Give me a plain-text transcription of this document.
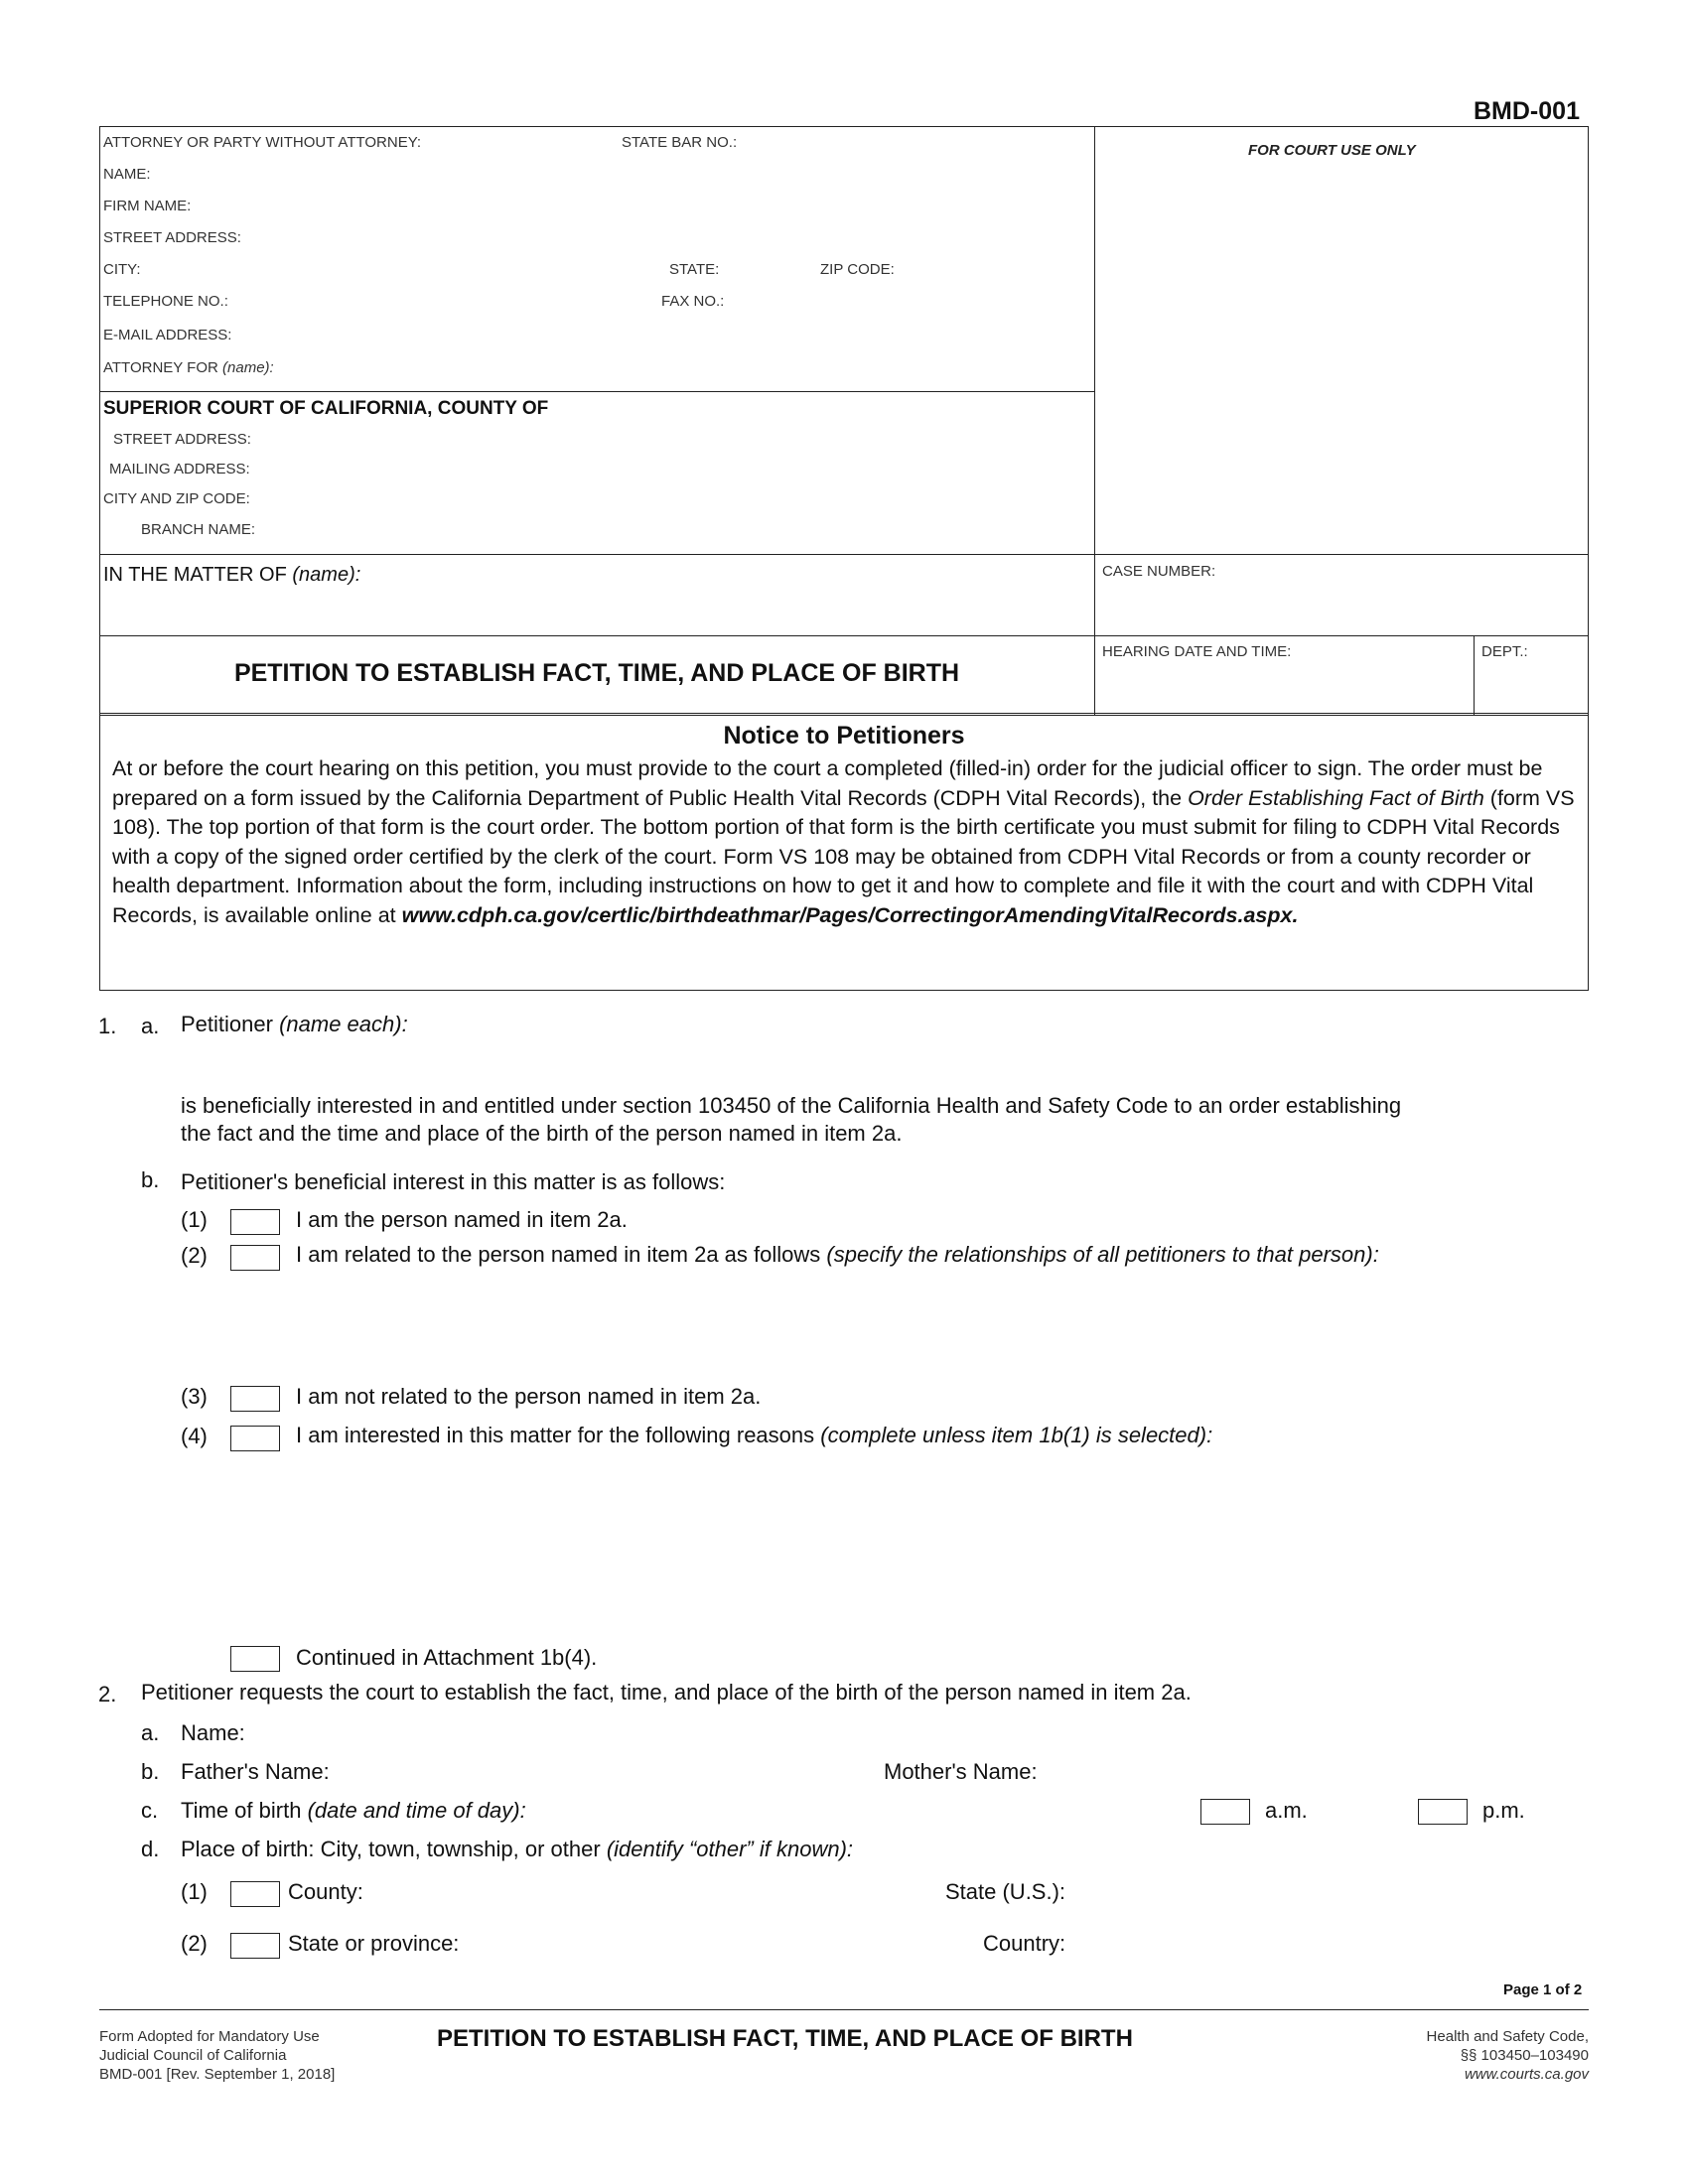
BMD-001
ATTORNEY OR PARTY WITHOUT ATTORNEY:	STATE BAR NO.:
NAME:
FIRM NAME:
STREET ADDRESS:
CITY:	STATE:	ZIP CODE:
TELEPHONE NO.:	FAX NO.:
E-MAIL ADDRESS:
ATTORNEY FOR (name):
FOR COURT USE ONLY
SUPERIOR COURT OF CALIFORNIA, COUNTY OF
STREET ADDRESS:
MAILING ADDRESS:
CITY AND ZIP CODE:
BRANCH NAME:
IN THE MATTER OF (name):	CASE NUMBER:
PETITION TO ESTABLISH FACT, TIME, AND PLACE OF BIRTH
HEARING DATE AND TIME:	DEPT.:
Notice to Petitioners
At or before the court hearing on this petition, you must provide to the court a completed (filled-in) order for the judicial officer to sign. The order must be prepared on a form issued by the California Department of Public Health Vital Records (CDPH Vital Records), the Order Establishing Fact of Birth (form VS 108). The top portion of that form is the court order. The bottom portion of that form is the birth certificate you must submit for filing to CDPH Vital Records with a copy of the signed order certified by the clerk of the court. Form VS 108 may be obtained from CDPH Vital Records or from a county recorder or health department. Information about the form, including instructions on how to get it and how to complete and file it with the court and with CDPH Vital Records, is available online at www.cdph.ca.gov/certlic/birthdeathmar/Pages/CorrectingorAmendingVitalRecords.aspx.
1. a. Petitioner (name each):
is beneficially interested in and entitled under section 103450 of the California Health and Safety Code to an order establishing
the fact and the time and place of the birth of the person named in item 2a.
b. Petitioner's beneficial interest in this matter is as follows:
(1)	I am the person named in item 2a.
(2)	I am related to the person named in item 2a as follows (specify the relationships of all petitioners to that person):
(3)	I am not related to the person named in item 2a.
(4)	I am interested in this matter for the following reasons (complete unless item 1b(1) is selected):
Continued in Attachment 1b(4).
2. Petitioner requests the court to establish the fact, time, and place of the birth of the person named in item 2a.
a. Name:
b. Father's Name:	Mother's Name:
c. Time of birth (date and time of day):	a.m.	p.m.
d. Place of birth: City, town, township, or other (identify “other” if known):
(1)	County:	State (U.S.):
(2)	State or province:	Country:
Page 1 of 2
Form Adopted for Mandatory Use
Judicial Council of California
BMD-001 [Rev. September 1, 2018]
PETITION TO ESTABLISH FACT, TIME, AND PLACE OF BIRTH	Health and Safety Code,
§§ 103450–103490
www.courts.ca.gov
